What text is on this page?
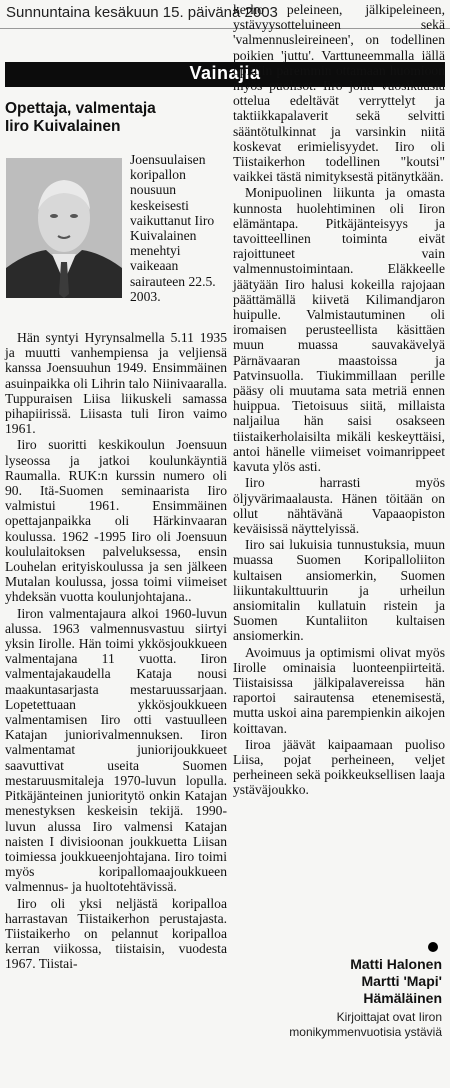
Sunnuntaina kesäkuun 15. päivänä 2003
Vainajia
Opettaja, valmentaja
Iiro Kuivalainen
Joensuulaisen koripallon nousuun keskeisesti vaikuttanut Iiro Kuivalainen menehtyi vaikeaan sairauteen 22.5. 2003.

Hän syntyi Hyrynsalmella 5.11 1935 ja muutti vanhempiensa ja veljiensä kanssa Joensuuhun 1949. Ensimmäinen asuinpaikka oli Lihrin talo Niinivaaralla. Tuppuraisen Liisa liikuskeli samassa pihapiirissä. Liisasta tuli Iiron vaimo 1961.

Iiro suoritti keskikoulun Joensuun lyseossa ja jatkoi koulunkäyntiä Raumalla. RUK:n kurssin numero oli 90. Itä-Suomen seminaarista Iiro valmistui 1961. Ensimmäinen opettajanpaikka oli Härkinvaaran koulussa. 1962 -1995 Iiro oli Joensuun koululaitoksen palveluksessa, ensin Louhelan erityiskoulussa ja sen jälkeen Mutalan koulussa, jossa toimi viimeiset yhdeksän vuotta koulunjohtajana..

Iiron valmentajaura alkoi 1960-luvun alussa. 1963 valmennusvastuu siirtyi yksin Iirolle. Hän toimi ykkösjoukkueen valmentajana 11 vuotta. Iiron valmentajakaudella Kataja nousi maakuntasarjasta mestaruussarjaan. Lopetettuaan ykkösjoukkueen valmentamisen Iiro otti vastuulleen Katajan juniorivalmennuksen. Iiron valmentamat juniorijoukkueet saavuttivat useita Suomen mestaruusmitaleja 1970-luvun lopulla. Pitkäjänteinen junioritytö onkin Katajan menestyksen keskeisin tekijä. 1990-luvun alussa Iiro valmensi Katajan naisten I divisioonan joukkuetta Liisan toimiessa joukkueenjohtajana. Iiro toimi myös koripallomaajoukkueen valmennus- ja huoltotehtävissä.

Iiro oli yksi neljästä koripalloa harrastavan Tiistaikerhon perustajasta. Tiistaikerho on pelannut koripalloa kerran viikossa, tiistaisin, vuodesta 1967. Tiistai-

kerho peleineen, jälkipeleineen, ystävyysotteluineen sekä 'valmennusleireineen', on todellinen poikien 'juttu'. Varttuneemmalla iällä opittiin paremmin ottamaan huomioon myös puolisot. Iiro johti vuosikausia ottelua edeltävät verryttelyt ja taktiikkapalaverit sekä selvitti sääntötulkinnat ja varsinkin niitä koskevat erimielisyydet. Iiro oli Tiistaikerhon todellinen "koutsi" vaikkei tästä nimityksestä pitänytkään.

Monipuolinen liikunta ja omasta kunnosta huolehtiminen oli Iiron elämäntapa. Pitkäjänteisyys ja tavoitteellinen toiminta eivät rajoittuneet vain valmennustoimintaan. Eläkkeelle jäätyään Iiro halusi kokeilla rajojaan päättämällä kiivetä Kilimandjaron huipulle. Valmistautuminen oli iromaisen perusteellista käsittäen muun muassa sauvakävelyä Pärnävaaran maastoissa ja Patvinsuolla. Tiukimmillaan perille pääsy oli muutama sata metriä ennen huippua. Tietoisuus siitä, millaista naljailua hän saisi osakseen tiistaikerholaisilta mikäli keskeyttäisi, antoi hänelle viimeiset voimanrippeet kavuta ylös asti.

Iiro harrasti myös öljyvärimaalausta. Hänen töitään on ollut nähtävänä Vapaaopiston keväisissä näyttelyissä.

Iiro sai lukuisia tunnustuksia, muun muassa Suomen Koripalloliiton kultaisen ansiomerkin, Suomen liikuntakulttuurin ja urheilun ansiomitalin kullatuin ristein ja Suomen Kuntaliiton kultaisen ansiomerkin.

Avoimuus ja optimismi olivat myös Iirolle ominaisia luonteenpiirteitä. Tiistaisissa jälkipalavereissa hän raportoi sairautensa etenemisestä, mutta uskoi aina parempienkin aikojen koittavan.

Iiroa jäävät kaipaamaan puoliso Liisa, pojat perheineen, veljet perheineen sekä poikkeuksellisen laaja ystäväjoukko.

Matti Halonen
Martti 'Mapi'
Hämäläinen
Kirjoittajat ovat Iiron monikymmenvuotisia ystäviä
